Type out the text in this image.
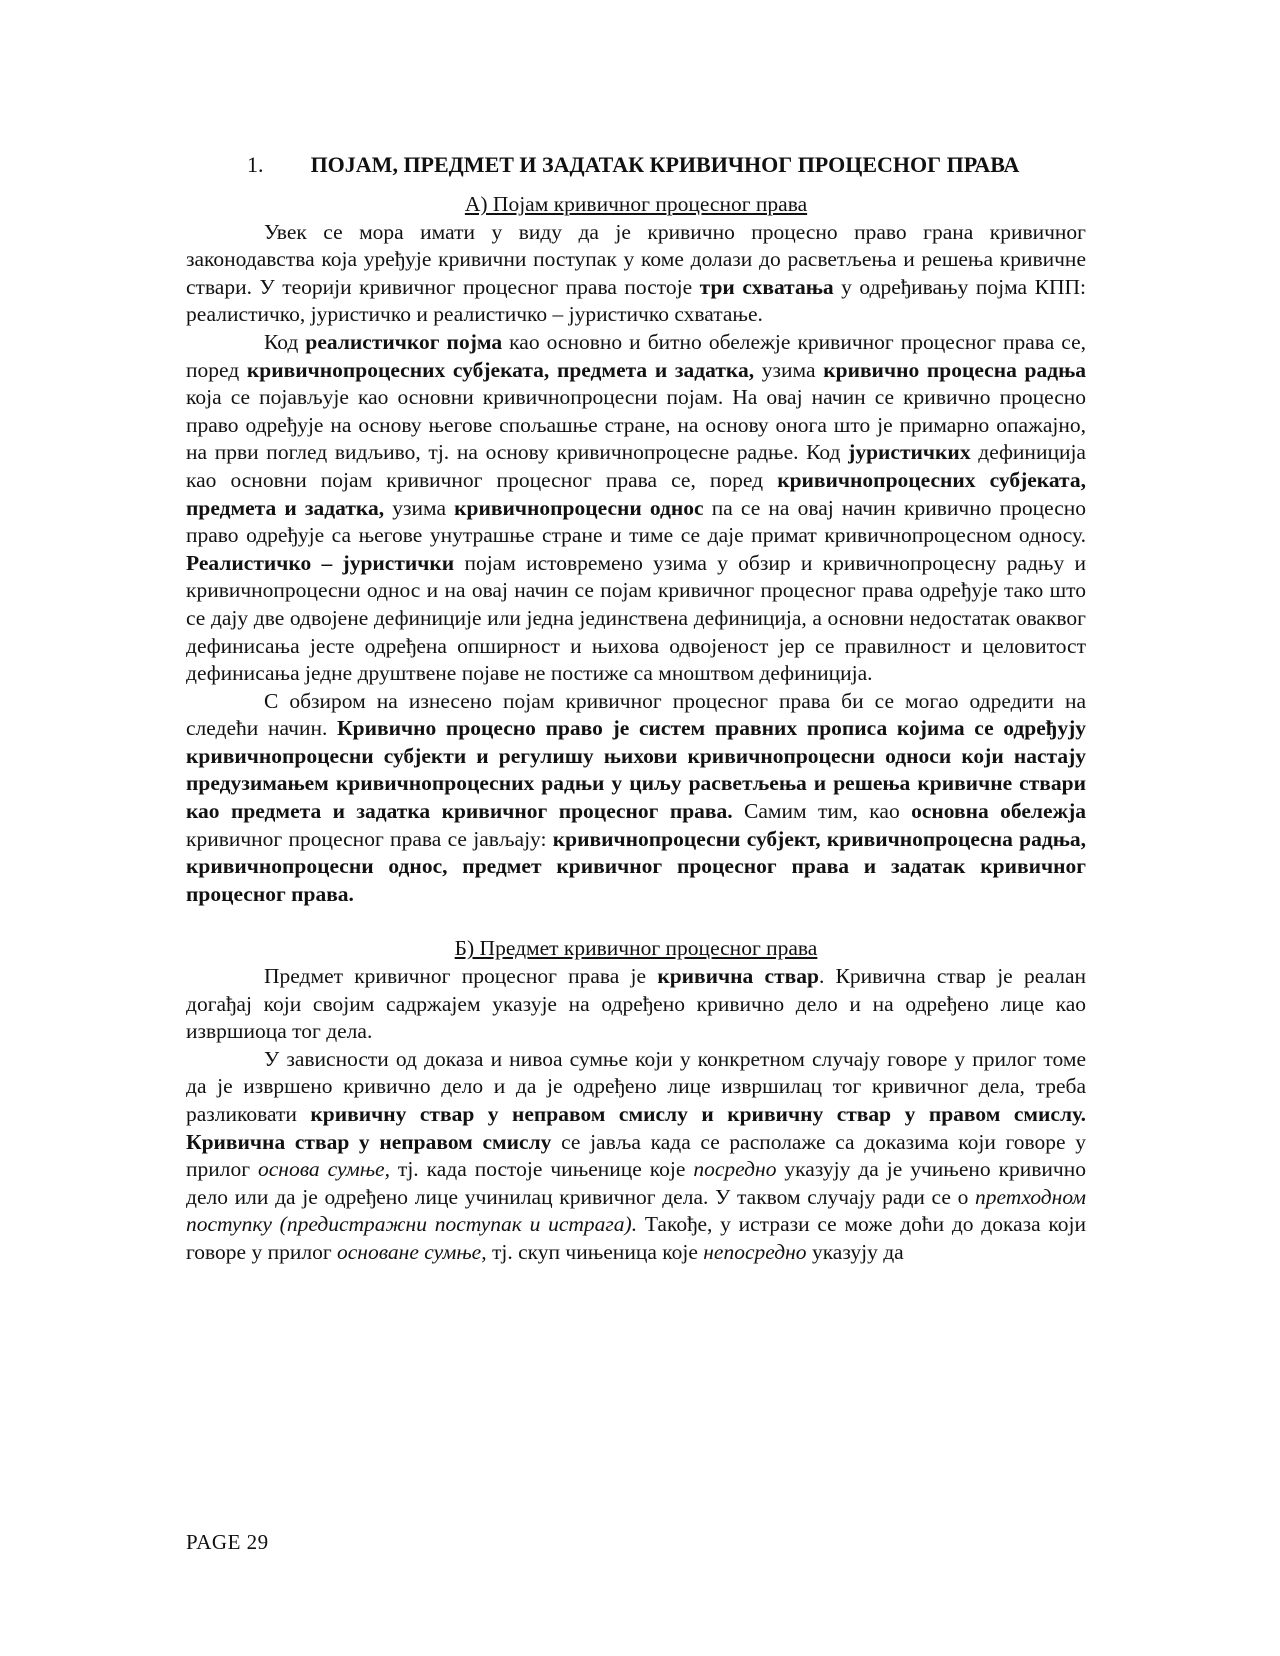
1.	ПОЈАМ, ПРЕДМЕТ И ЗАДАТАК КРИВИЧНОГ ПРОЦЕСНОГ ПРАВА
А) Појам кривичног процесног права

Увек се мора имати у виду да је кривично процесно право грана кривичног законодавства која уређује кривични поступак у коме долази до расветљења и решења кривичне ствари. У теорији кривичног процесног права постоје три схватања у одређивању појма КПП: реалистичко, јуристичко и реалистичко – јуристичко схватање.

Код реалистичког појма као основно и битно обележје кривичног процесног права се, поред кривичнопроцесних субјеката, предмета и задатка, узима кривично процесна радња која се појављује као основни кривичнопроцесни појам. На овај начин се кривично процесно право одређује на основу његове спољашње стране, на основу онога што је примарно опажајно, на први поглед видљиво, тј. на основу кривичнопроцесне радње. Код јуристичких дефиниција као основни појам кривичног процесног права се, поред кривичнопроцесних субјеката, предмета и задатка, узима кривичнопроцесни однос па се на овај начин кривично процесно право одређује са његове унутрашње стране и тиме се даје примат кривичнопроцесном односу. Реалистичко – јуристички појам истовремено узима у обзир и кривичнопроцесну радњу и кривичнопроцесни однос и на овај начин се појам кривичног процесног права одређује тако што се дају две одвојене дефиниције или једна јединствена дефиниција, а основни недостатак оваквог дефинисања јесте одређена опширност и њихова одвојеност јер се правилност и целовитост дефинисања једне друштвене појаве не постиже са мноштвом дефиниција.

С обзиром на изнесено појам кривичног процесног права би се могао одредити на следећи начин. Кривично процесно право је систем правних прописа којима се одређују кривичнопроцесни субјекти и регулишу њихови кривичнопроцесни односи који настају предузимањем кривичнопроцесних радњи у циљу расветљења и решења кривичне ствари као предмета и задатка кривичног процесног права. Самим тим, као основна обележја кривичног процесног права се јављају: кривичнопроцесни субјект, кривичнопроцесна радња, кривичнопроцесни однос, предмет кривичног процесног права и задатак кривичног процесног права.

Б) Предмет кривичног процесног права

Предмет кривичног процесног права је кривична ствар. Кривична ствар је реалан догађај који својим садржајем указује на одређено кривично дело и на одређено лице као извршиоца тог дела.

У зависности од доказа и нивоа сумње који у конкретном случају говоре у прилог томе да је извршено кривично дело и да је одређено лице извршилац тог кривичног дела, треба разликовати кривичну ствар у неправом смислу и кривичну ствар у правом смислу. Кривична ствар у неправом смислу се јавља када се располаже са доказима који говоре у прилог основа сумње, тј. када постоје чињенице које посредно указују да је учињено кривично дело или да је одређено лице учинилац кривичног дела. У таквом случају ради се о претходном поступку (предистражни поступак и истрага). Такође, у истрази се може доћи до доказа који говоре у прилог основане сумње, тј. скуп чињеница које непосредно указују да

PAGE 29
